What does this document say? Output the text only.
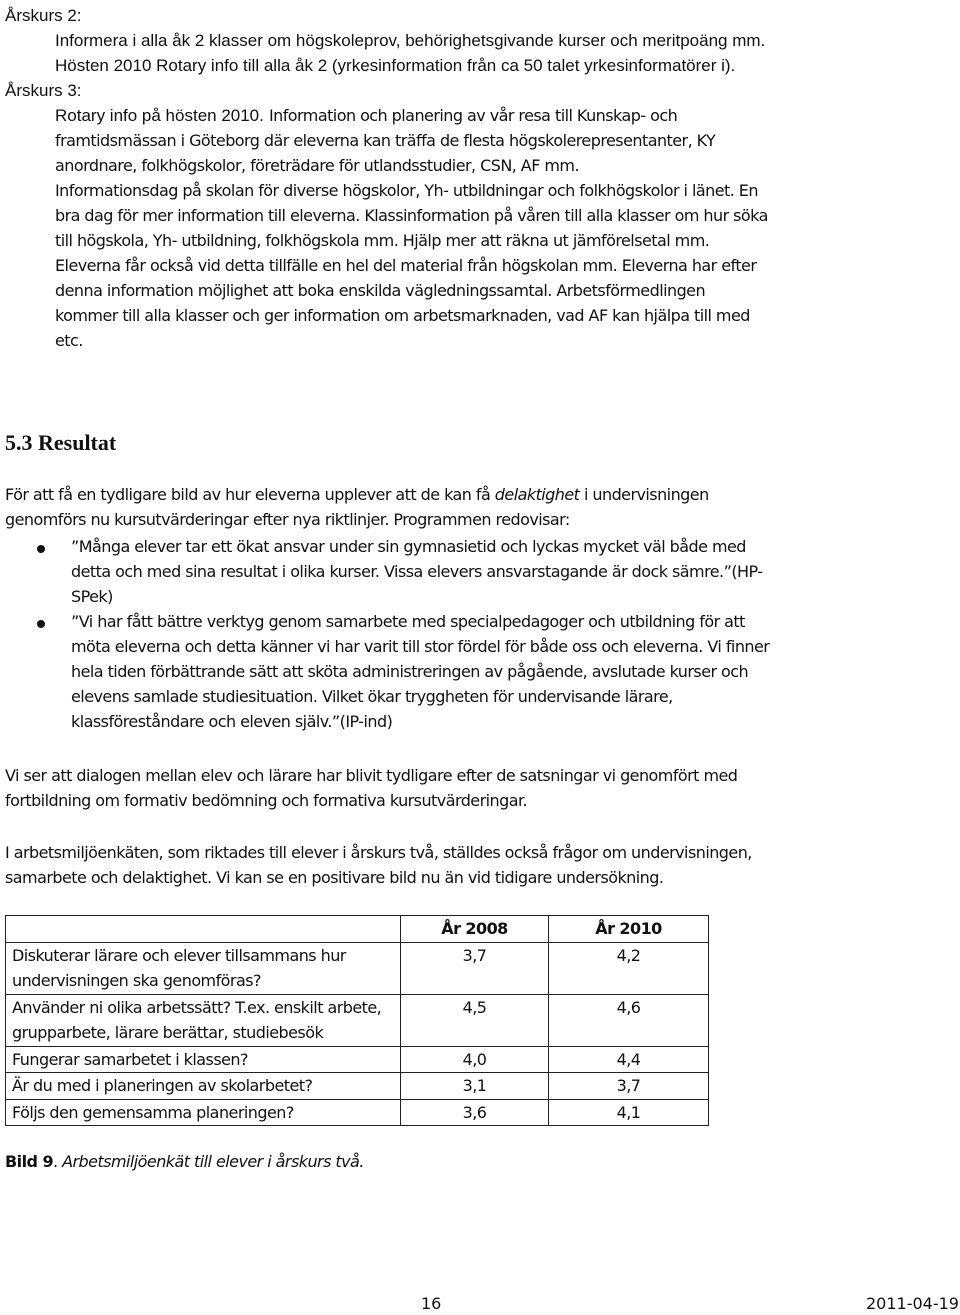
Årskurs 2:
Informera i alla åk 2 klasser om högskoleprov, behörighetsgivande kurser och meritpoäng mm.
Hösten 2010 Rotary info till alla åk 2 (yrkesinformation från ca 50 talet yrkesinformatörer i).
Årskurs 3:
Rotary info på hösten 2010. Information och planering av vår resa till Kunskap- och
framtidsmässan i Göteborg där eleverna kan träffa de flesta högskolerepresentanter, KY
anordnare, folkhögskolor, företrädare för utlandsstudier, CSN, AF mm.
Informationsdag på skolan för diverse högskolor, Yh- utbildningar och folkhögskolor i länet. En
bra dag för mer information till eleverna. Klassinformation på våren till alla klasser om hur söka
till högskola, Yh- utbildning, folkhögskola mm. Hjälp mer att räkna ut jämförelsetal mm.
Eleverna får också vid detta tillfälle en hel del material från högskolan mm. Eleverna har efter
denna information möjlighet att boka enskilda vägledningssamtal. Arbetsförmedlingen
kommer till alla klasser och ger information om arbetsmarknaden, vad AF kan hjälpa till med
etc.
5.3 Resultat
För att få en tydligare bild av hur eleverna upplever att de kan få delaktighet i undervisningen
genomförs nu kursutvärderingar efter nya riktlinjer. Programmen redovisar:
”Många elever tar ett ökat ansvar under sin gymnasietid och lyckas mycket väl både med
detta och med sina resultat i olika kurser. Vissa elevers ansvarstagande är dock sämre.”(HP-
SPek)
”Vi har fått bättre verktyg genom samarbete med specialpedagoger och utbildning för att
möta eleverna och detta känner vi har varit till stor fördel för både oss och eleverna. Vi finner
hela tiden förbättrande sätt att sköta administreringen av pågående, avslutade kurser och
elevens samlade studiesituation. Vilket ökar tryggheten för undervisande lärare,
klassföreståndare och eleven själv.”(IP-ind)
Vi ser att dialogen mellan elev och lärare har blivit tydligare efter de satsningar vi genomfört med
fortbildning om formativ bedömning och formativa kursutvärderingar.
I arbetsmiljöenkäten, som riktades till elever i årskurs två, ställdes också frågor om undervisningen,
samarbete och delaktighet. Vi kan se en positivare bild nu än vid tidigare undersökning.
	År 2008	År 2010
Diskuterar lärare och elever tillsammans hur undervisningen ska genomföras?	3,7	4,2
Använder ni olika arbetssätt? T.ex. enskilt arbete, grupparbete, lärare berättar, studiebesök	4,5	4,6
Fungerar samarbetet i klassen?	4,0	4,4
Är du med i planeringen av skolarbetet?	3,1	3,7
Följs den gemensamma planeringen?	3,6	4,1
Bild 9. Arbetsmiljöenkät till elever i årskurs två.
16	2011-04-19
